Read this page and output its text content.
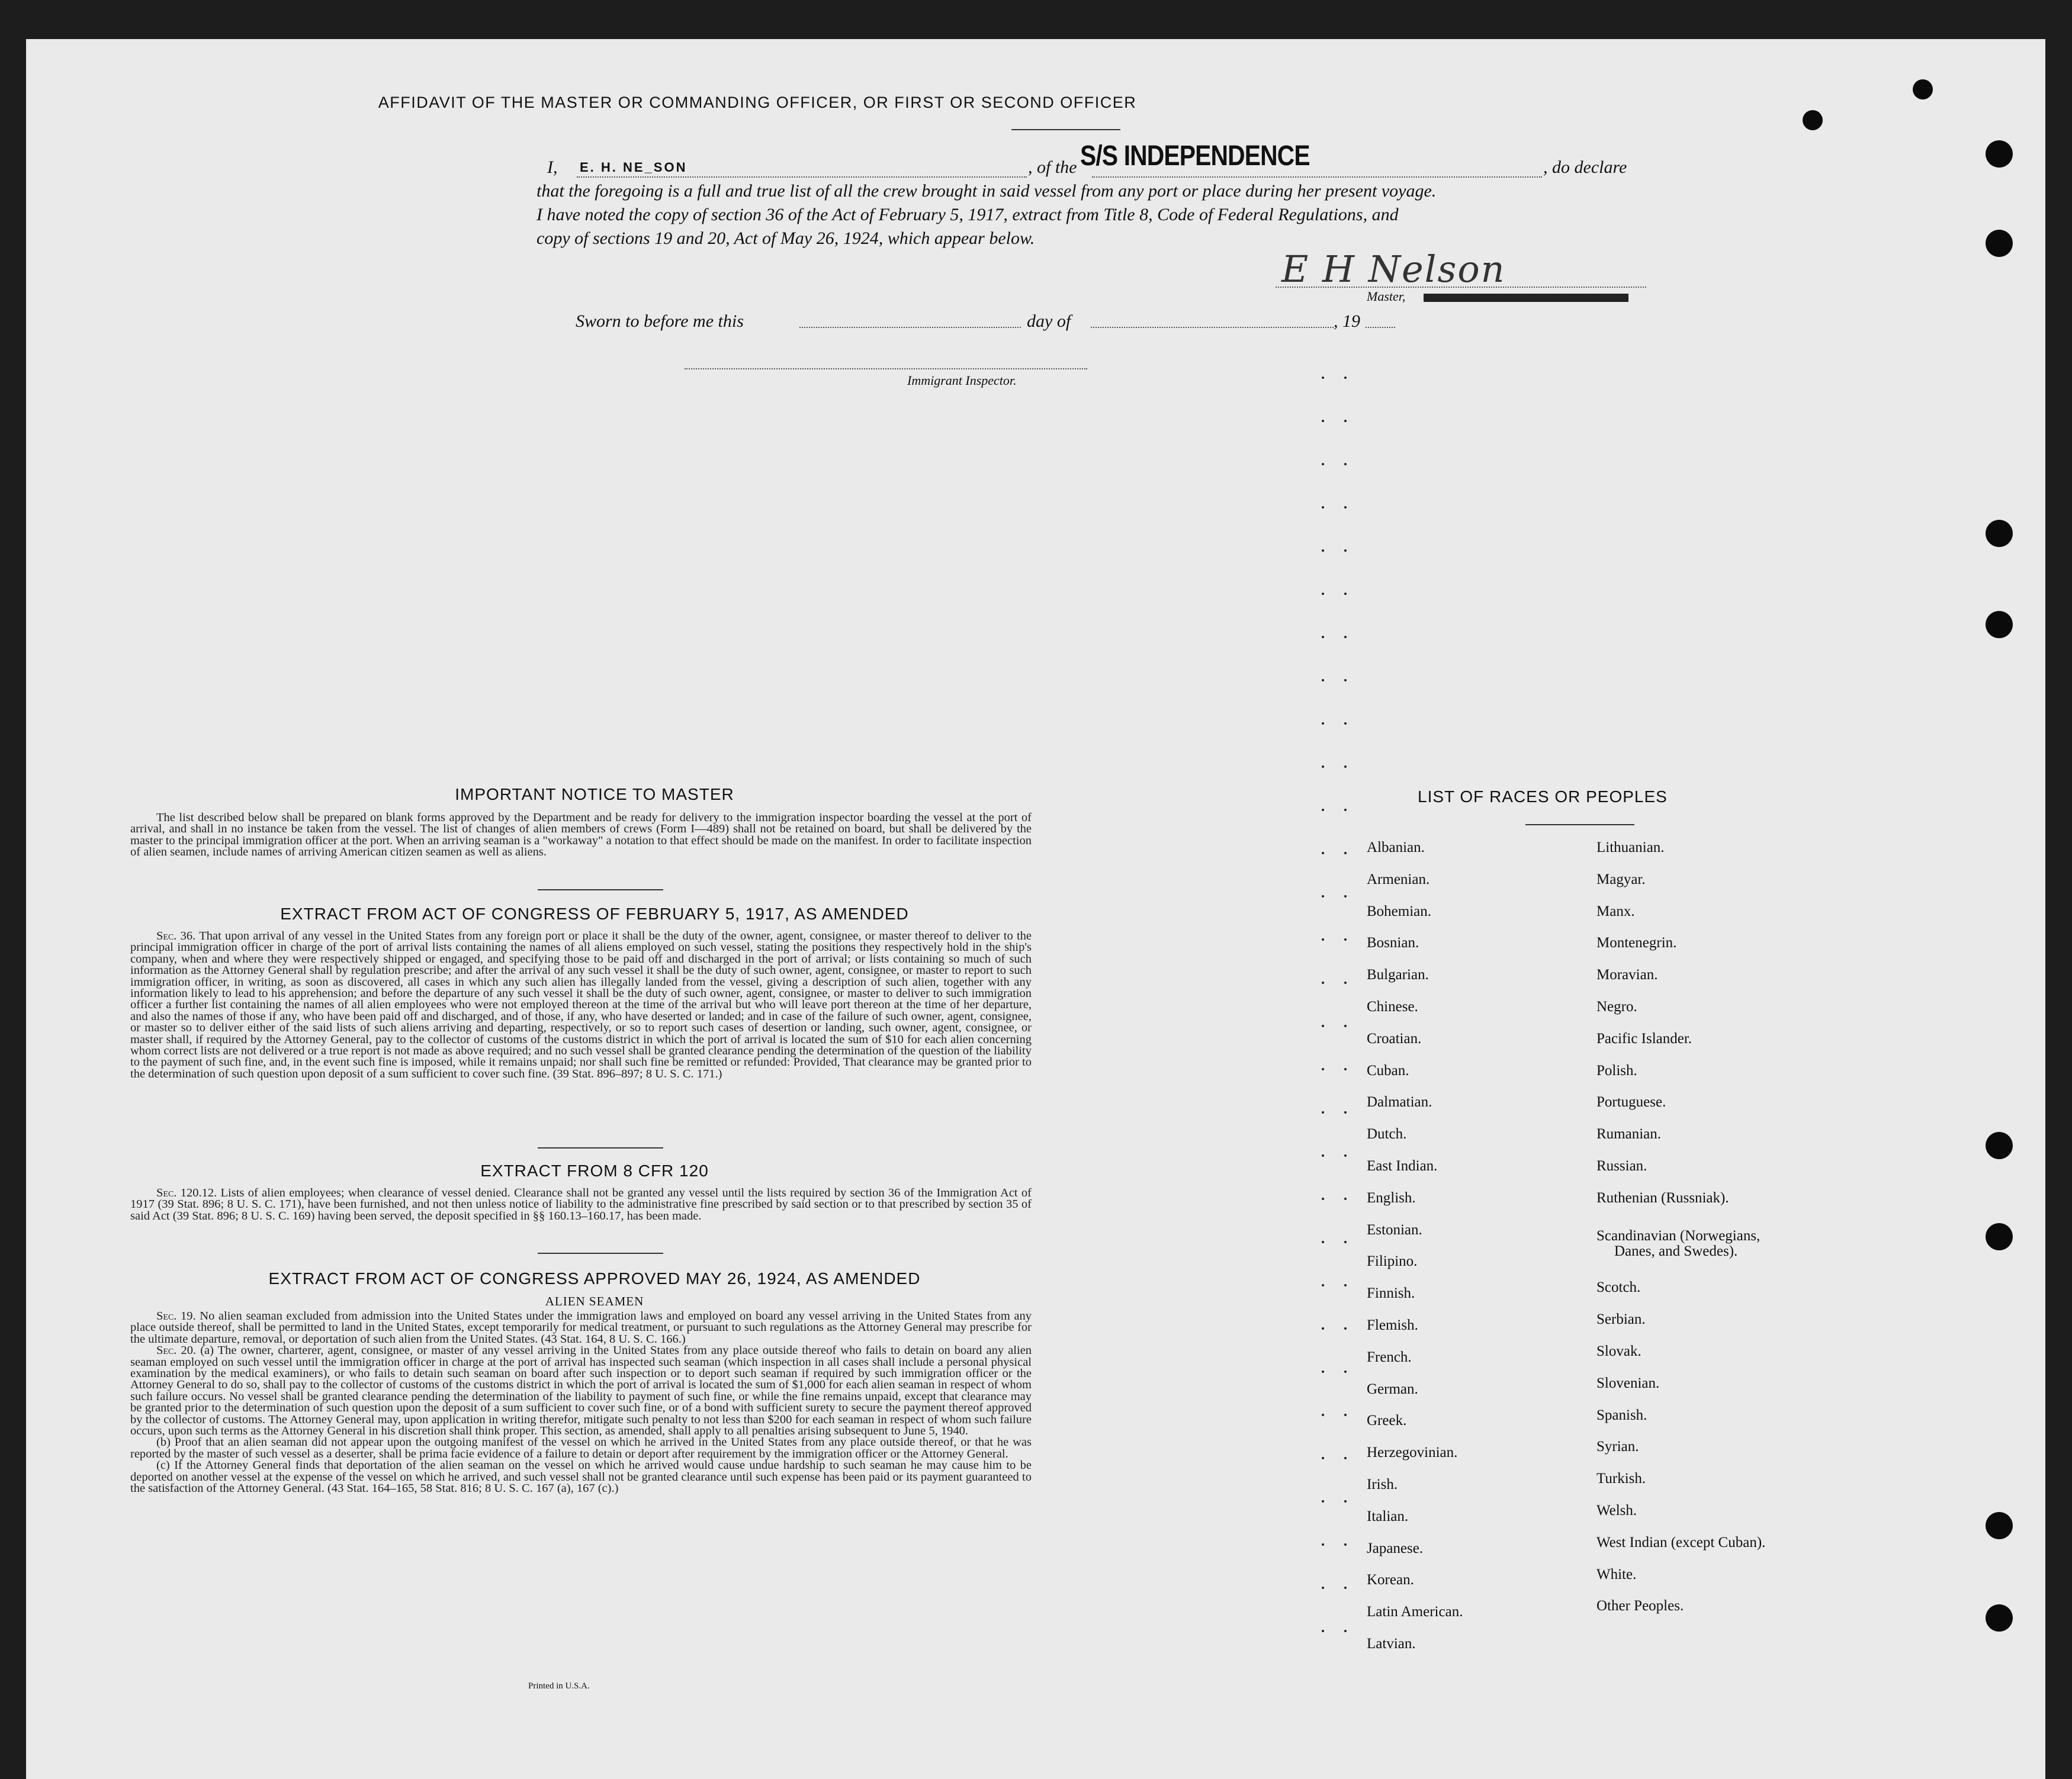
AFFIDAVIT OF THE MASTER OR COMMANDING OFFICER, OR FIRST OR SECOND OFFICER
I, E. H. NE_SON	, of the S/S INDEPENDENCE	, do declare
that the foregoing is a full and true list of all the crew brought in said vessel from any port or place during her present voyage.
I have noted the copy of section 36 of the Act of February 5, 1917, extract from Title 8, Code of Federal Regulations, and
copy of sections 19 and 20, Act of May 26, 1924, which appear below.
E H Nelson
Master,
Sworn to before me this	day of	, 19
Immigrant Inspector.
IMPORTANT NOTICE TO MASTER

The list described below shall be prepared on blank forms approved by the Department and be ready for delivery to the immigration inspector boarding the vessel at the port of arrival, and shall in no instance be taken from the vessel. The list of changes of alien members of crews (Form I—489) shall not be retained on board, but shall be delivered by the master to the principal immigration officer at the port. When an arriving seaman is a "workaway" a notation to that effect should be made on the manifest. In order to facilitate inspection of alien seamen, include names of arriving American citizen seamen as well as aliens.

EXTRACT FROM ACT OF CONGRESS OF FEBRUARY 5, 1917, AS AMENDED

Sec. 36. That upon arrival of any vessel in the United States from any foreign port or place it shall be the duty of the owner, agent, consignee, or master thereof to deliver to the principal immigration officer in charge of the port of arrival lists containing the names of all aliens employed on such vessel, stating the positions they respectively hold in the ship's company, when and where they were respectively shipped or engaged, and specifying those to be paid off and discharged in the port of arrival; or lists containing so much of such information as the Attorney General shall by regulation prescribe; and after the arrival of any such vessel it shall be the duty of such owner, agent, consignee, or master to report to such immigration officer, in writing, as soon as discovered, all cases in which any such alien has illegally landed from the vessel, giving a description of such alien, together with any information likely to lead to his apprehension; and before the departure of any such vessel it shall be the duty of such owner, agent, consignee, or master to deliver to such immigration officer a further list containing the names of all alien employees who were not employed thereon at the time of the arrival but who will leave port thereon at the time of her departure, and also the names of those if any, who have been paid off and discharged, and of those, if any, who have deserted or landed; and in case of the failure of such owner, agent, consignee, or master so to deliver either of the said lists of such aliens arriving and departing, respectively, or so to report such cases of desertion or landing, such owner, agent, consignee, or master shall, if required by the Attorney General, pay to the collector of customs of the customs district in which the port of arrival is located the sum of $10 for each alien concerning whom correct lists are not delivered or a true report is not made as above required; and no such vessel shall be granted clearance pending the determination of the question of the liability to the payment of such fine, and, in the event such fine is imposed, while it remains unpaid; nor shall such fine be remitted or refunded: Provided, That clearance may be granted prior to the determination of such question upon deposit of a sum sufficient to cover such fine. (39 Stat. 896–897; 8 U. S. C. 171.)

EXTRACT FROM 8 CFR 120

Sec. 120.12. Lists of alien employees; when clearance of vessel denied. Clearance shall not be granted any vessel until the lists required by section 36 of the Immigration Act of 1917 (39 Stat. 896; 8 U. S. C. 171), have been furnished, and not then unless notice of liability to the administrative fine prescribed by said section or to that prescribed by section 35 of said Act (39 Stat. 896; 8 U. S. C. 169) having been served, the deposit specified in §§ 160.13–160.17, has been made.

EXTRACT FROM ACT OF CONGRESS APPROVED MAY 26, 1924, AS AMENDED
ALIEN SEAMEN

Sec. 19. No alien seaman excluded from admission into the United States under the immigration laws and employed on board any vessel arriving in the United States from any place outside thereof, shall be permitted to land in the United States, except temporarily for medical treatment, or pursuant to such regulations as the Attorney General may prescribe for the ultimate departure, removal, or deportation of such alien from the United States. (43 Stat. 164, 8 U. S. C. 166.)

Sec. 20. (a) The owner, charterer, agent, consignee, or master of any vessel arriving in the United States from any place outside thereof who fails to detain on board any alien seaman employed on such vessel until the immigration officer in charge at the port of arrival has inspected such seaman (which inspection in all cases shall include a personal physical examination by the medical examiners), or who fails to detain such seaman on board after such inspection or to deport such seaman if required by such immigration officer or the Attorney General to do so, shall pay to the collector of customs of the customs district in which the port of arrival is located the sum of $1,000 for each alien seaman in respect of whom such failure occurs. No vessel shall be granted clearance pending the determination of the liability to payment of such fine, or while the fine remains unpaid, except that clearance may be granted prior to the determination of such question upon the deposit of a sum sufficient to cover such fine, or of a bond with sufficient surety to secure the payment thereof approved by the collector of customs. The Attorney General may, upon application in writing therefor, mitigate such penalty to not less than $200 for each seaman in respect of whom such failure occurs, upon such terms as the Attorney General in his discretion shall think proper. This section, as amended, shall apply to all penalties arising subsequent to June 5, 1940.

(b) Proof that an alien seaman did not appear upon the outgoing manifest of the vessel on which he arrived in the United States from any place outside thereof, or that he was reported by the master of such vessel as a deserter, shall be prima facie evidence of a failure to detain or deport after requirement by the immigration officer or the Attorney General.

(c) If the Attorney General finds that deportation of the alien seaman on the vessel on which he arrived would cause undue hardship to such seaman he may cause him to be deported on another vessel at the expense of the vessel on which he arrived, and such vessel shall not be granted clearance until such expense has been paid or its payment guaranteed to the satisfaction of the Attorney General. (43 Stat. 164–165, 58 Stat. 816; 8 U. S. C. 167 (a), 167 (c).)

Printed in U.S.A.
LIST OF RACES OR PEOPLES
Albanian.
Armenian.
Bohemian.
Bosnian.
Bulgarian.
Chinese.
Croatian.
Cuban.
Dalmatian.
Dutch.
East Indian.
English.
Estonian.
Filipino.
Finnish.
Flemish.
French.
German.
Greek.
Herzegovinian.
Irish.
Italian.
Japanese.
Korean.
Latin American.
Latvian.
Lithuanian.
Magyar.
Manx.
Montenegrin.
Moravian.
Negro.
Pacific Islander.
Polish.
Portuguese.
Rumanian.
Russian.
Ruthenian (Russniak).
Scandinavian (Norwegians,
Danes, and Swedes).
Scotch.
Serbian.
Slovak.
Slovenian.
Spanish.
Syrian.
Turkish.
Welsh.
West Indian (except Cuban).
White.
Other Peoples.
